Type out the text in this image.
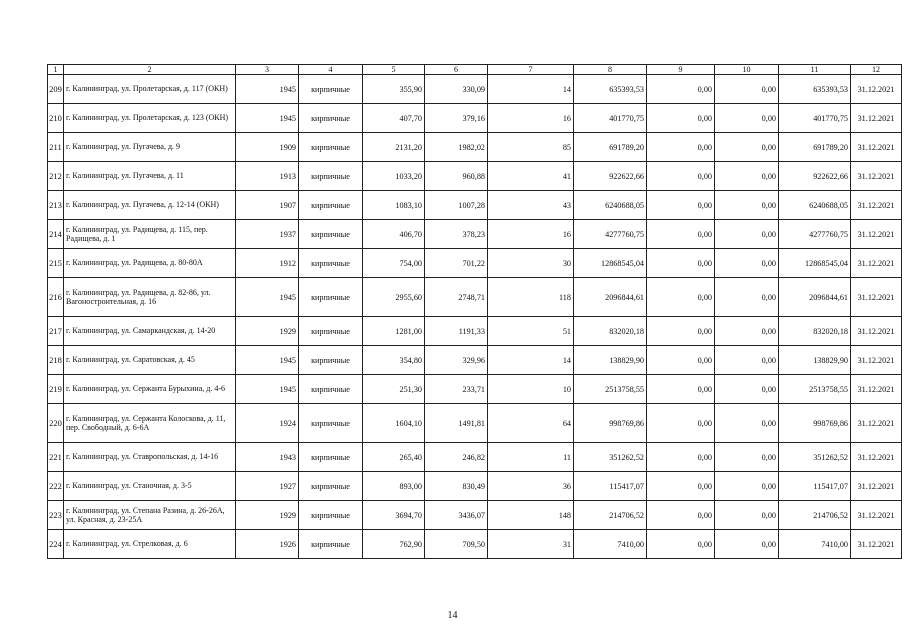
1	2	3	4	5	6	7	8	9	10	11	12
209	г. Калининград, ул. Пролетарская, д. 117 (ОКН)	1945	кирпичные	355,90	330,09	14	635393,53	0,00	0,00	635393,53	31.12.2021
210	г. Калининград, ул. Пролетарская, д. 123 (ОКН)	1945	кирпичные	407,70	379,16	16	401770,75	0,00	0,00	401770,75	31.12.2021
211	г. Калининград, ул. Пугачева, д. 9	1909	кирпичные	2131,20	1982,02	85	691789,20	0,00	0,00	691789,20	31.12.2021
212	г. Калининград, ул. Пугачева, д. 11	1913	кирпичные	1033,20	960,88	41	922622,66	0,00	0,00	922622,66	31.12.2021
213	г. Калининград, ул. Пугачева, д. 12-14 (ОКН)	1907	кирпичные	1083,10	1007,28	43	6240688,05	0,00	0,00	6240688,05	31.12.2021
214	г. Калининград, ул. Радищева, д. 115, пер. Радищева, д. 1	1937	кирпичные	406,70	378,23	16	4277760,75	0,00	0,00	4277760,75	31.12.2021
215	г. Калининград, ул. Радищева, д. 80-80А	1912	кирпичные	754,00	701,22	30	12868545,04	0,00	0,00	12868545,04	31.12.2021
216	г. Калининград, ул. Радищева, д. 82-86, ул. Вагоностроительная, д. 16	1945	кирпичные	2955,60	2748,71	118	2096844,61	0,00	0,00	2096844,61	31.12.2021
217	г. Калининград, ул. Самаркандская, д. 14-20	1929	кирпичные	1281,00	1191,33	51	832020,18	0,00	0,00	832020,18	31.12.2021
218	г. Калининград, ул. Саратовская, д. 45	1945	кирпичные	354,80	329,96	14	138829,90	0,00	0,00	138829,90	31.12.2021
219	г. Калининград, ул. Сержанта Бурыхина, д. 4-6	1945	кирпичные	251,30	233,71	10	2513758,55	0,00	0,00	2513758,55	31.12.2021
220	г. Калининград, ул. Сержанта Колоскова, д. 11, пер. Свободный, д. 6-6А	1924	кирпичные	1604,10	1491,81	64	998769,86	0,00	0,00	998769,86	31.12.2021
221	г. Калининград, ул. Ставропольская, д. 14-16	1943	кирпичные	265,40	246,82	11	351262,52	0,00	0,00	351262,52	31.12.2021
222	г. Калининград, ул. Станочная, д. 3-5	1927	кирпичные	893,00	830,49	36	115417,07	0,00	0,00	115417,07	31.12.2021
223	г. Калининград, ул. Степана Разина, д. 26-26А, ул. Красная, д. 23-25А	1929	кирпичные	3694,70	3436,07	148	214706,52	0,00	0,00	214706,52	31.12.2021
224	г. Калининград, ул. Стрелковая, д. 6	1926	кирпичные	762,90	709,50	31	7410,00	0,00	0,00	7410,00	31.12.2021
14
